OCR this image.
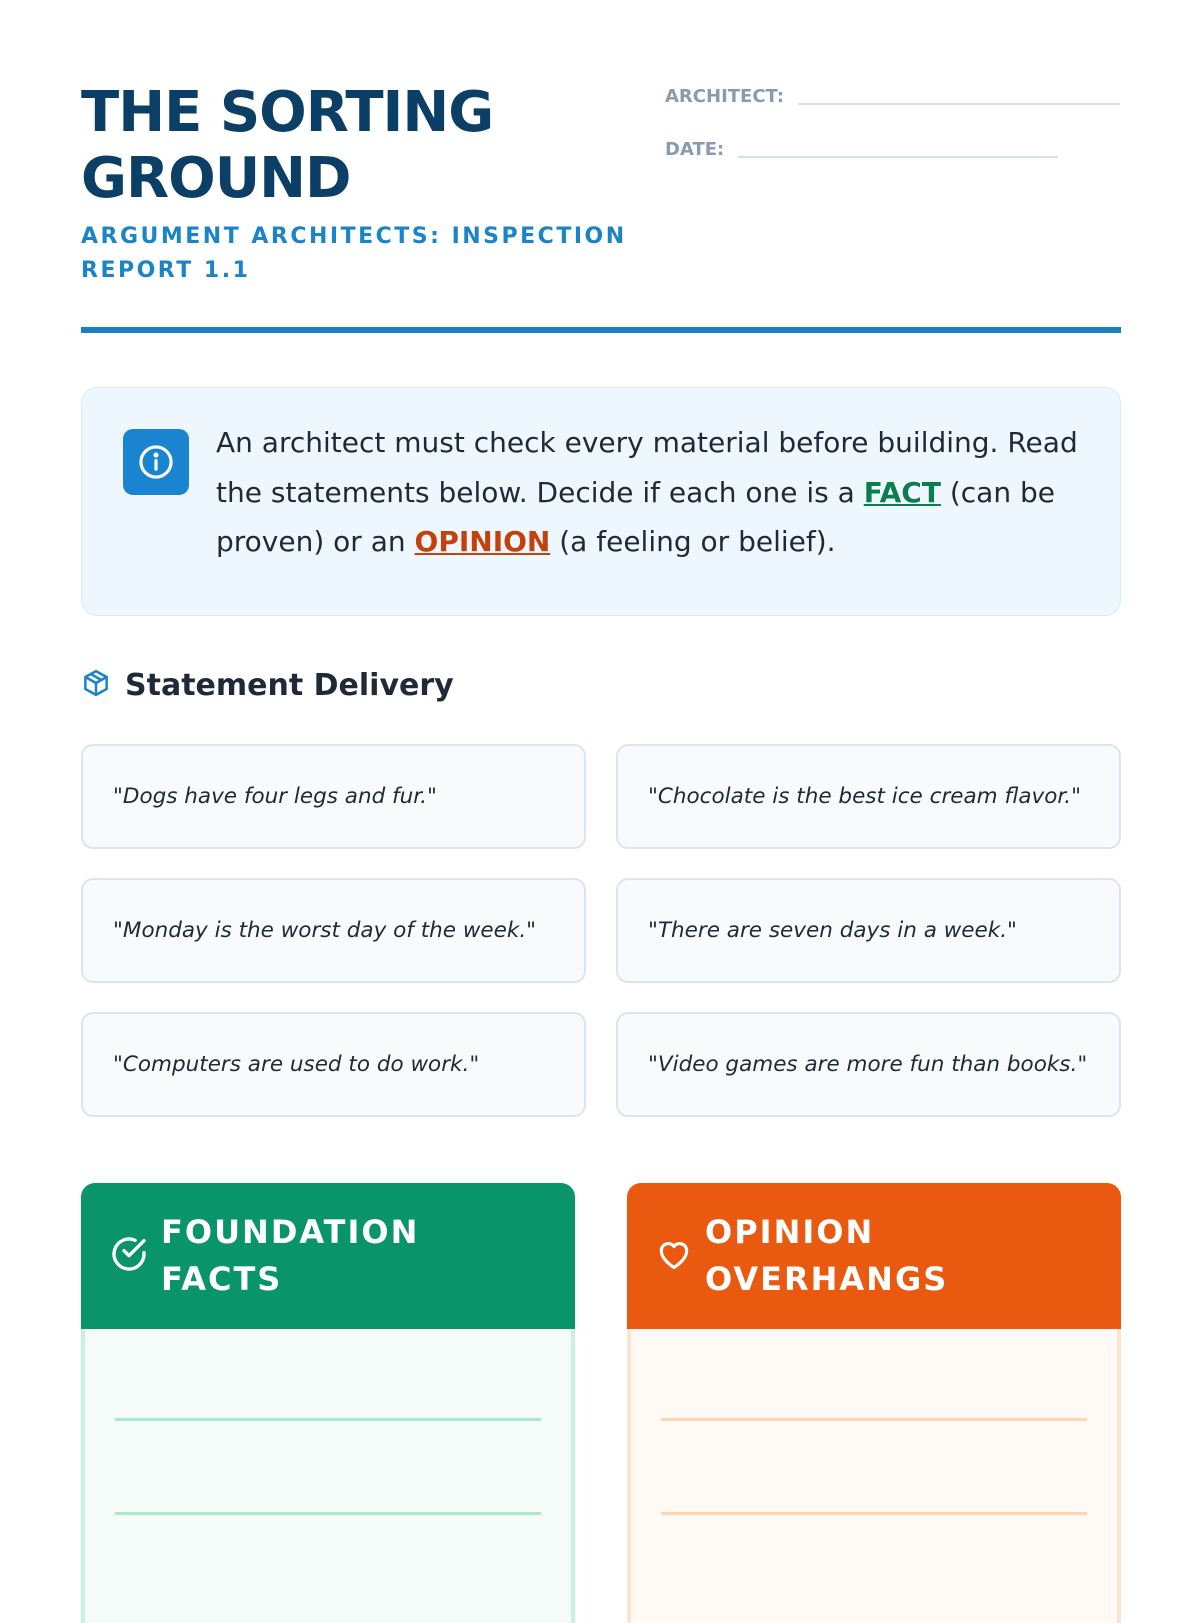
THE SORTING GROUND
ARGUMENT ARCHITECTS: INSPECTION REPORT 1.1
ARCHITECT:
DATE:

An architect must check every material before building. Read the statements below. Decide if each one is a FACT (can be proven) or an OPINION (a feeling or belief).

Statement Delivery
"Dogs have four legs and fur."	"Chocolate is the best ice cream flavor."
"Monday is the worst day of the week."	"There are seven days in a week."
"Computers are used to do work."	"Video games are more fun than books."
FOUNDATION FACTS
OPINION OVERHANGS
